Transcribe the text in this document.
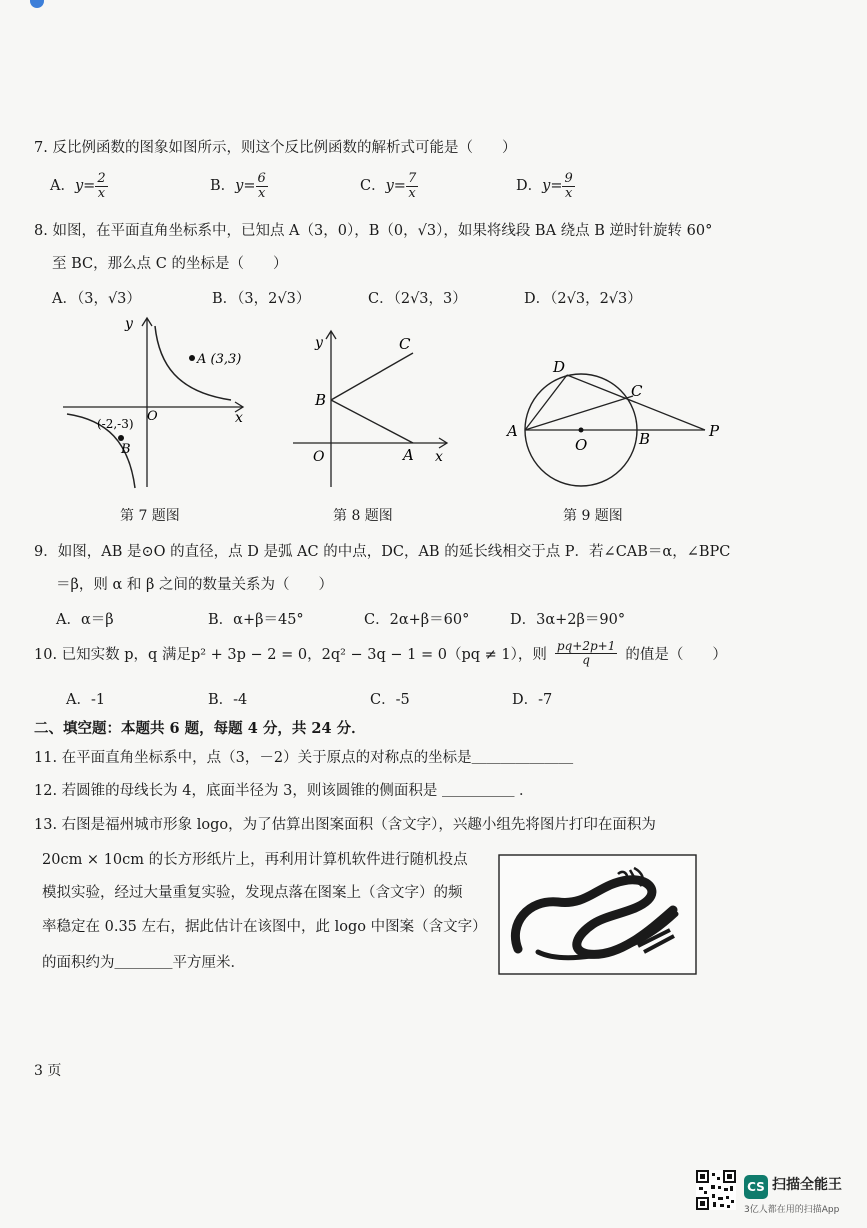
7. 反比例函数的图象如图所示，则这个反比例函数的解析式可能是（　　）
A．$y= \frac{2}{x}$	B．$y= \frac{6}{x}$	C．$y= \frac{7}{x}$	D．$y= \frac{9}{x}$
8. 如图，在平面直角坐标系中，已知点 A（3，0），B（0，√3），如果将线段 BA 绕点 B 逆时针旋转 60°
至 BC，那么点 C 的坐标是（　　）
A．（3，√3）	B．（3，2√3）	C．（2√3，3）	D．（2√3，2√3）
y
x
O
A (3,3)
(-2,-3)
B
第 7 题图
y
x
O
B
A
C
第 8 题图
A	B
C
D
O
P
第 9 题图
9．如图，AB 是⊙O 的直径，点 D 是弧 AC 的中点，DC，AB 的延长线相交于点 P．若∠CAB＝α，∠BPC
＝β，则 α 和 β 之间的数量关系为（　　）
A．α＝β	B．α+β＝45°	C．2α+β＝60°	D．3α+2β＝90°
10. 已知实数 p，q 满足p² + 3p − 2 = 0，2q² − 3q − 1 = 0（pq ≠ 1），则 $\frac{pq+2p+1}{q}$ 的值是（　　）
A．-1	B．-4	C．-5	D．-7
二、填空题：本题共 6 题，每题 4 分，共 24 分．
11. 在平面直角坐标系中，点（3，－2）关于原点的对称点的坐标是＿＿＿＿＿＿＿
12. 若圆锥的母线长为 4，底面半径为 3，则该圆锥的侧面积是 ＿＿＿＿＿ ．
13. 右图是福州城市形象 logo，为了估算出图案面积（含文字），兴趣小组先将图片打印在面积为
20cm × 10cm 的长方形纸片上，再利用计算机软件进行随机投点
模拟实验，经过大量重复实验，发现点落在图案上（含文字）的频
率稳定在 0.35 左右，据此估计在该图中，此 logo 中图案（含文字）
的面积约为＿＿＿＿平方厘米．
3 页
CS 扫描全能王
3亿人都在用的扫描App
